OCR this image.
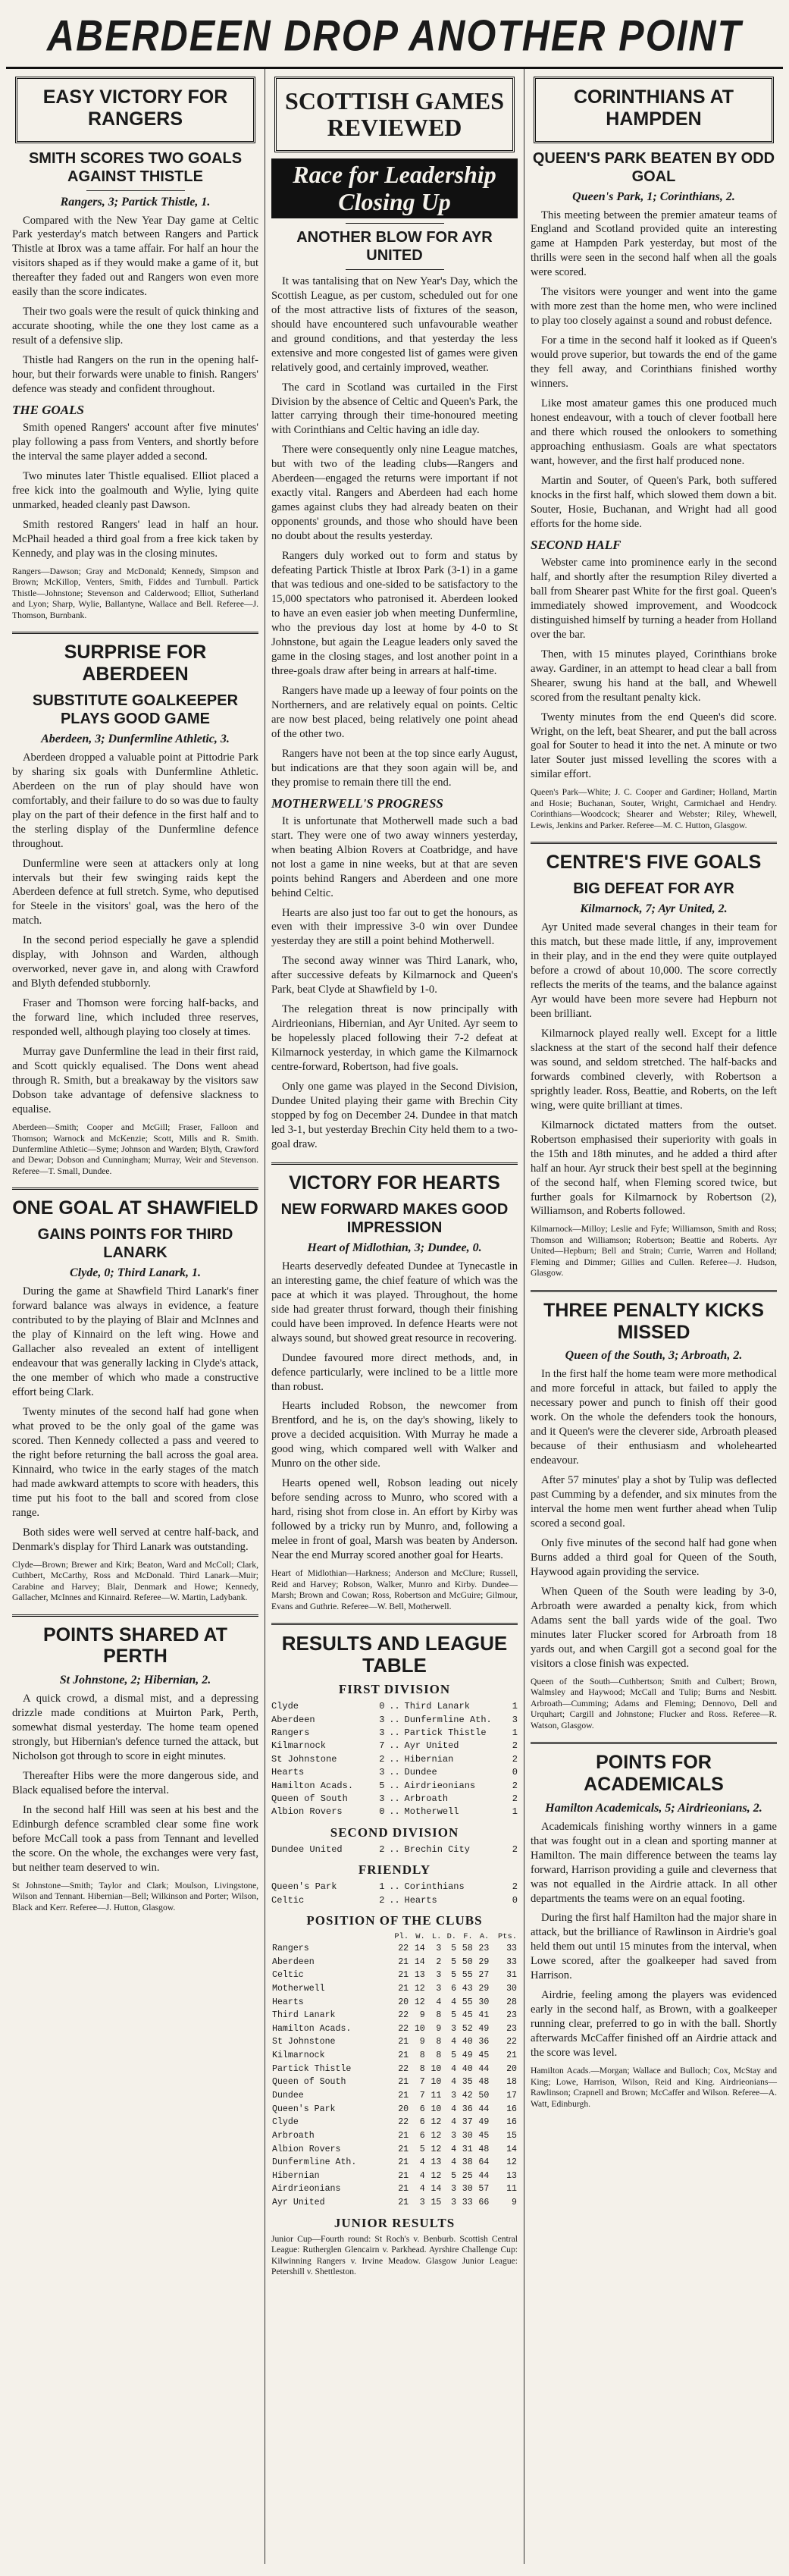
ABERDEEN DROP ANOTHER POINT
EASY VICTORY FOR RANGERS
SMITH SCORES TWO GOALS AGAINST THISTLE
Rangers, 3; Partick Thistle, 1.

Compared with the New Year Day game at Celtic Park yesterday's match between Rangers and Partick Thistle at Ibrox was a tame affair. For half an hour the visitors shaped as if they would make a game of it, but thereafter they faded out and Rangers won even more easily than the score indicates.

Their two goals were the result of quick thinking and accurate shooting, while the one they lost came as a result of a defensive slip.

Thistle had Rangers on the run in the opening half-hour, but their forwards were unable to finish. Rangers' defence was steady and confident throughout.

THE GOALS

Smith opened Rangers' account after five minutes' play following a pass from Venters, and shortly before the interval the same player added a second.

Two minutes later Thistle equalised. Elliot placed a free kick into the goalmouth and Wylie, lying quite unmarked, headed cleanly past Dawson.

Smith restored Rangers' lead in half an hour. McPhail headed a third goal from a free kick taken by Kennedy, and play was in the closing minutes.

Rangers—Dawson; Gray and McDonald; Kennedy, Simpson and Brown; McKillop, Venters, Smith, Fiddes and Turnbull. Partick Thistle—Johnstone; Stevenson and Calderwood; Elliot, Sutherland and Lyon; Sharp, Wylie, Ballantyne, Wallace and Bell. Referee—J. Thomson, Burnbank.

SURPRISE FOR ABERDEEN
SUBSTITUTE GOALKEEPER PLAYS GOOD GAME
Aberdeen, 3; Dunfermline Athletic, 3.

Aberdeen dropped a valuable point at Pittodrie Park by sharing six goals with Dunfermline Athletic. Aberdeen on the run of play should have won comfortably, and their failure to do so was due to faulty play on the part of their defence in the first half and to the sterling display of the Dunfermline defence throughout.

Dunfermline were seen at attackers only at long intervals but their few swinging raids kept the Aberdeen defence at full stretch. Syme, who deputised for Steele in the visitors' goal, was the hero of the match.

In the second period especially he gave a splendid display, with Johnson and Warden, although overworked, never gave in, and along with Crawford and Blyth defended stubbornly.

Fraser and Thomson were forcing half-backs, and the forward line, which included three reserves, responded well, although playing too closely at times.

Murray gave Dunfermline the lead in their first raid, and Scott quickly equalised. The Dons went ahead through R. Smith, but a breakaway by the visitors saw Dobson take advantage of defensive slackness to equalise.

Aberdeen—Smith; Cooper and McGill; Fraser, Falloon and Thomson; Warnock and McKenzie; Scott, Mills and R. Smith. Dunfermline Athletic—Syme; Johnson and Warden; Blyth, Crawford and Dewar; Dobson and Cunningham; Murray, Weir and Stevenson. Referee—T. Small, Dundee.

ONE GOAL AT SHAWFIELD
GAINS POINTS FOR THIRD LANARK
Clyde, 0; Third Lanark, 1.

During the game at Shawfield Third Lanark's finer forward balance was always in evidence, a feature contributed to by the playing of Blair and McInnes and the play of Kinnaird on the left wing. Howe and Gallacher also revealed an extent of intelligent endeavour that was generally lacking in Clyde's attack, the one member of which who made a constructive effort being Clark.

Twenty minutes of the second half had gone when what proved to be the only goal of the game was scored. Then Kennedy collected a pass and veered to the right before returning the ball across the goal area. Kinnaird, who twice in the early stages of the match had made awkward attempts to score with headers, this time put his foot to the ball and scored from close range.

Both sides were well served at centre half-back, and Denmark's display for Third Lanark was outstanding.

Clyde—Brown; Brewer and Kirk; Beaton, Ward and McColl; Clark, Cuthbert, McCarthy, Ross and McDonald. Third Lanark—Muir; Carabine and Harvey; Blair, Denmark and Howe; Kennedy, Gallacher, McInnes and Kinnaird. Referee—W. Martin, Ladybank.

POINTS SHARED AT PERTH
St Johnstone, 2; Hibernian, 2.

A quick crowd, a dismal mist, and a depressing drizzle made conditions at Muirton Park, Perth, somewhat dismal yesterday. The home team opened strongly, but Hibernian's defence turned the attack, but Nicholson got through to score in eight minutes.

Thereafter Hibs were the more dangerous side, and Black equalised before the interval.

In the second half Hill was seen at his best and the Edinburgh defence scrambled clear some fine work before McCall took a pass from Tennant and levelled the score. On the whole, the exchanges were very fast, but neither team deserved to win.

St Johnstone—Smith; Taylor and Clark; Moulson, Livingstone, Wilson and Tennant. Hibernian—Bell; Wilkinson and Porter; Wilson, Black and Kerr. Referee—J. Hutton, Glasgow.

SCOTTISH GAMES REVIEWED
Race for Leadership Closing Up
ANOTHER BLOW FOR AYR UNITED

It was tantalising that on New Year's Day, which the Scottish League, as per custom, scheduled out for one of the most attractive lists of fixtures of the season, should have encountered such unfavourable weather and ground conditions, and that yesterday the less extensive and more congested list of games were given relatively good, and certainly improved, weather.

The card in Scotland was curtailed in the First Division by the absence of Celtic and Queen's Park, the latter carrying through their time-honoured meeting with Corinthians and Celtic having an idle day.

There were consequently only nine League matches, but with two of the leading clubs—Rangers and Aberdeen—engaged the returns were important if not exactly vital. Rangers and Aberdeen had each home games against clubs they had already beaten on their opponents' grounds, and those who should have been no doubt about the results yesterday.

Rangers duly worked out to form and status by defeating Partick Thistle at Ibrox Park (3-1) in a game that was tedious and one-sided to be satisfactory to the 15,000 spectators who patronised it. Aberdeen looked to have an even easier job when meeting Dunfermline, who the previous day lost at home by 4-0 to St Johnstone, but again the League leaders only saved the game in the closing stages, and lost another point in a three-goals draw after being in arrears at half-time.

Rangers have made up a leeway of four points on the Northerners, and are relatively equal on points. Celtic are now best placed, being relatively one point ahead of the other two.

Rangers have not been at the top since early August, but indications are that they soon again will be, and they promise to remain there till the end.

MOTHERWELL'S PROGRESS

It is unfortunate that Motherwell made such a bad start. They were one of two away winners yesterday, when beating Albion Rovers at Coatbridge, and have not lost a game in nine weeks, but at that are seven points behind Rangers and Aberdeen and one more behind Celtic.

Hearts are also just too far out to get the honours, as even with their impressive 3-0 win over Dundee yesterday they are still a point behind Motherwell.

The second away winner was Third Lanark, who, after successive defeats by Kilmarnock and Queen's Park, beat Clyde at Shawfield by 1-0.

The relegation threat is now principally with Airdrieonians, Hibernian, and Ayr United. Ayr seem to be hopelessly placed following their 7-2 defeat at Kilmarnock yesterday, in which game the Kilmarnock centre-forward, Robertson, had five goals.

Only one game was played in the Second Division, Dundee United playing their game with Brechin City stopped by fog on December 24. Dundee in that match led 3-1, but yesterday Brechin City held them to a two-goal draw.

VICTORY FOR HEARTS
NEW FORWARD MAKES GOOD IMPRESSION
Heart of Midlothian, 3; Dundee, 0.

Hearts deservedly defeated Dundee at Tynecastle in an interesting game, the chief feature of which was the pace at which it was played. Throughout, the home side had greater thrust forward, though their finishing could have been improved. In defence Hearts were not always sound, but showed great resource in recovering.

Dundee favoured more direct methods, and, in defence particularly, were inclined to be a little more than robust.

Hearts included Robson, the newcomer from Brentford, and he is, on the day's showing, likely to prove a decided acquisition. With Murray he made a good wing, which compared well with Walker and Munro on the other side.

Hearts opened well, Robson leading out nicely before sending across to Munro, who scored with a hard, rising shot from close in. An effort by Kirby was followed by a tricky run by Munro, and, following a melee in front of goal, Marsh was beaten by Anderson. Near the end Murray scored another goal for Hearts.

Heart of Midlothian—Harkness; Anderson and McClure; Russell, Reid and Harvey; Robson, Walker, Munro and Kirby. Dundee—Marsh; Brown and Cowan; Ross, Robertson and McGuire; Gilmour, Evans and Guthrie. Referee—W. Bell, Motherwell.

RESULTS AND LEAGUE TABLE
FIRST DIVISION
Clyde	0 .. Third Lanark	1
Aberdeen	3 .. Dunfermline Ath.	3
Rangers	3 .. Partick Thistle	1
Kilmarnock	7 .. Ayr United	2
St Johnstone	2 .. Hibernian	2
Hearts	3 .. Dundee	0
Hamilton Acads.	5 .. Airdrieonians	2
Queen of South	3 .. Arbroath	2
Albion Rovers	0 .. Motherwell	1
SECOND DIVISION
Dundee United	2 .. Brechin City	2
FRIENDLY
Queen's Park	1 .. Corinthians	2
Celtic	2 .. Hearts	0
POSITION OF THE CLUBS
	Pl.	W.	L.	D.	F.	A.	Pts.
Rangers	22	14	3	5	58	23	33
Aberdeen	21	14	2	5	50	29	33
Celtic	21	13	3	5	55	27	31
Motherwell	21	12	3	6	43	29	30
Hearts	20	12	4	4	55	30	28
Third Lanark	22	9	8	5	45	41	23
Hamilton Acads.	22	10	9	3	52	49	23
St Johnstone	21	9	8	4	40	36	22
Kilmarnock	21	8	8	5	49	45	21
Partick Thistle	22	8	10	4	40	44	20
Queen of South	21	7	10	4	35	48	18
Dundee	21	7	11	3	42	50	17
Queen's Park	20	6	10	4	36	44	16
Clyde	22	6	12	4	37	49	16
Arbroath	21	6	12	3	30	45	15
Albion Rovers	21	5	12	4	31	48	14
Dunfermline Ath.	21	4	13	4	38	64	12
Hibernian	21	4	12	5	25	44	13
Airdrieonians	21	4	14	3	30	57	11
Ayr United	21	3	15	3	33	66	9
JUNIOR RESULTS

Junior Cup—Fourth round: St Roch's v. Benburb. Scottish Central League: Rutherglen Glencairn v. Parkhead. Ayrshire Challenge Cup: Kilwinning Rangers v. Irvine Meadow. Glasgow Junior League: Petershill v. Shettleston.

CORINTHIANS AT HAMPDEN
QUEEN'S PARK BEATEN BY ODD GOAL
Queen's Park, 1; Corinthians, 2.

This meeting between the premier amateur teams of England and Scotland provided quite an interesting game at Hampden Park yesterday, but most of the thrills were seen in the second half when all the goals were scored.

The visitors were younger and went into the game with more zest than the home men, who were inclined to play too closely against a sound and robust defence.

For a time in the second half it looked as if Queen's would prove superior, but towards the end of the game they fell away, and Corinthians finished worthy winners.

Like most amateur games this one produced much honest endeavour, with a touch of clever football here and there which roused the onlookers to something approaching enthusiasm. Goals are what spectators want, however, and the first half produced none.

Martin and Souter, of Queen's Park, both suffered knocks in the first half, which slowed them down a bit. Souter, Hosie, Buchanan, and Wright had all good efforts for the home side.

SECOND HALF

Webster came into prominence early in the second half, and shortly after the resumption Riley diverted a ball from Shearer past White for the first goal. Queen's immediately showed improvement, and Woodcock distinguished himself by turning a header from Holland over the bar.

Then, with 15 minutes played, Corinthians broke away. Gardiner, in an attempt to head clear a ball from Shearer, swung his hand at the ball, and Whewell scored from the resultant penalty kick.

Twenty minutes from the end Queen's did score. Wright, on the left, beat Shearer, and put the ball across goal for Souter to head it into the net. A minute or two later Souter just missed levelling the scores with a similar effort.

Queen's Park—White; J. C. Cooper and Gardiner; Holland, Martin and Hosie; Buchanan, Souter, Wright, Carmichael and Hendry. Corinthians—Woodcock; Shearer and Webster; Riley, Whewell, Lewis, Jenkins and Parker. Referee—M. C. Hutton, Glasgow.

CENTRE'S FIVE GOALS
BIG DEFEAT FOR AYR
Kilmarnock, 7; Ayr United, 2.

Ayr United made several changes in their team for this match, but these made little, if any, improvement in their play, and in the end they were quite outplayed before a crowd of about 10,000. The score correctly reflects the merits of the teams, and the balance against Ayr would have been more severe had Hepburn not been brilliant.

Kilmarnock played really well. Except for a little slackness at the start of the second half their defence was sound, and seldom stretched. The half-backs and forwards combined cleverly, with Robertson a sprightly leader. Ross, Beattie, and Roberts, on the left wing, were quite brilliant at times.

Kilmarnock dictated matters from the outset. Robertson emphasised their superiority with goals in the 15th and 18th minutes, and he added a third after half an hour. Ayr struck their best spell at the beginning of the second half, when Fleming scored twice, but further goals for Kilmarnock by Robertson (2), Williamson, and Roberts followed.

Kilmarnock—Milloy; Leslie and Fyfe; Williamson, Smith and Ross; Thomson and Williamson; Robertson; Beattie and Roberts. Ayr United—Hepburn; Bell and Strain; Currie, Warren and Holland; Fleming and Dimmer; Gillies and Cullen. Referee—J. Hudson, Glasgow.

THREE PENALTY KICKS MISSED
Queen of the South, 3; Arbroath, 2.

In the first half the home team were more methodical and more forceful in attack, but failed to apply the necessary power and punch to finish off their good work. On the whole the defenders took the honours, and it Queen's were the cleverer side, Arbroath pleased because of their enthusiasm and wholehearted endeavour.

After 57 minutes' play a shot by Tulip was deflected past Cumming by a defender, and six minutes from the interval the home men went further ahead when Tulip scored a second goal.

Only five minutes of the second half had gone when Burns added a third goal for Queen of the South, Haywood again providing the service.

When Queen of the South were leading by 3-0, Arbroath were awarded a penalty kick, from which Adams sent the ball yards wide of the goal. Two minutes later Flucker scored for Arbroath from 18 yards out, and when Cargill got a second goal for the visitors a close finish was expected.

Queen of the South—Cuthbertson; Smith and Culbert; Brown, Walmsley and Haywood; McCall and Tulip; Burns and Nesbitt. Arbroath—Cumming; Adams and Fleming; Dennovo, Dell and Urquhart; Cargill and Johnstone; Flucker and Ross. Referee—R. Watson, Glasgow.

POINTS FOR ACADEMICALS
Hamilton Academicals, 5; Airdrieonians, 2.

Academicals finishing worthy winners in a game that was fought out in a clean and sporting manner at Hamilton. The main difference between the teams lay forward, Harrison providing a guile and cleverness that was not equalled in the Airdrie attack. In all other departments the teams were on an equal footing.

During the first half Hamilton had the major share in attack, but the brilliance of Rawlinson in Airdrie's goal held them out until 15 minutes from the interval, when Lowe scored, after the goalkeeper had saved from Harrison.

Airdrie, feeling among the players was evidenced early in the second half, as Brown, with a goalkeeper running clear, preferred to go in with the ball. Shortly afterwards McCaffer finished off an Airdrie attack and the score was level.

Hamilton Acads.—Morgan; Wallace and Bulloch; Cox, McStay and King; Lowe, Harrison, Wilson, Reid and King. Airdrieonians—Rawlinson; Crapnell and Brown; McCaffer and Wilson. Referee—A. Watt, Edinburgh.
